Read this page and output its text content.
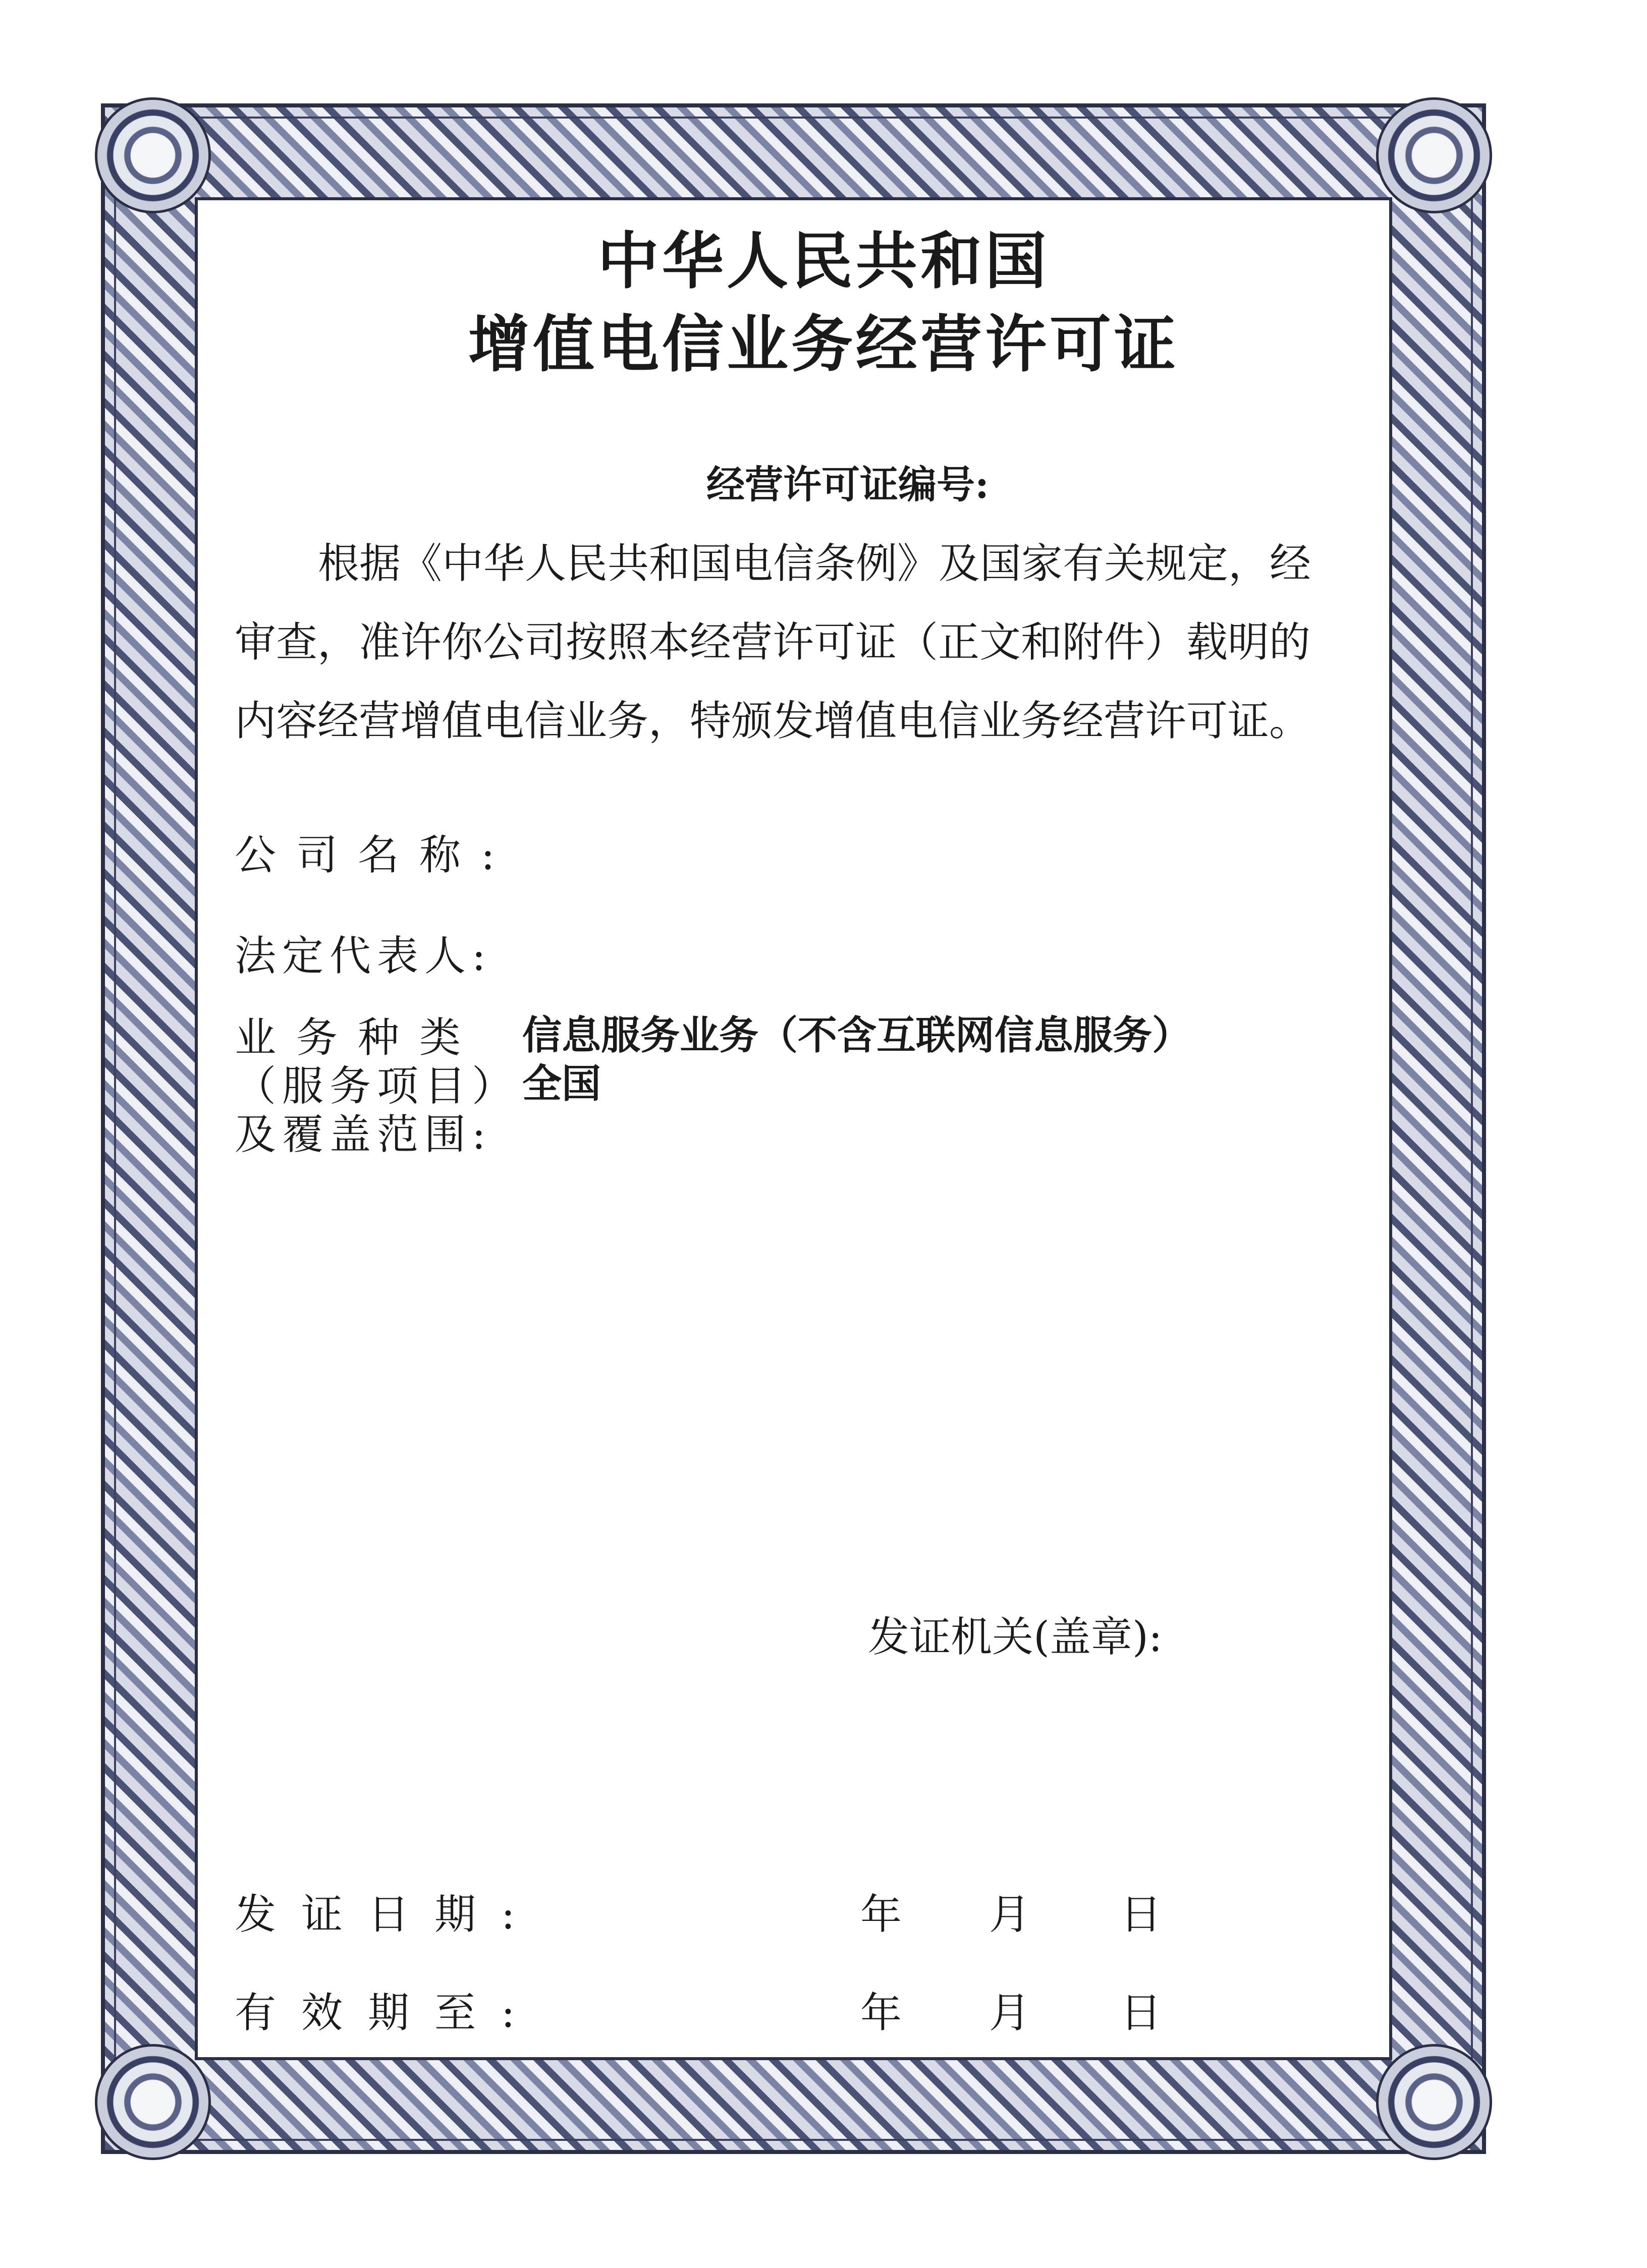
中华人民共和国
增值电信业务经营许可证
经营许可证编号:
根据《中华人民共和国电信条例》及国家有关规定，经
审查，准许你公司按照本经营许可证（正文和附件）载明的
内容经营增值电信业务，特颁发增值电信业务经营许可证。
公司名称:
法定代表人:
业务种类
（服务项目）
及覆盖范围:
信息服务业务（不含互联网信息服务）
全国
发证机关(盖章):
发证日期:	年 月 日
有效期至:	年 月 日
